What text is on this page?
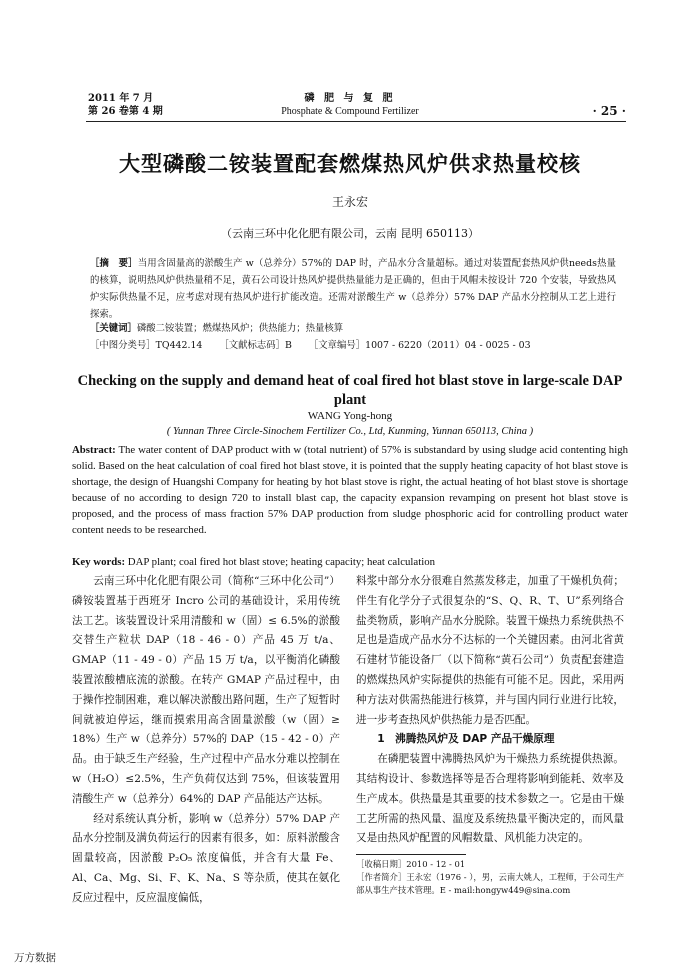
2011 年 7 月
第 26 卷第 4 期
磷 肥 与 复 肥
Phosphate & Compound Fertilizer	· 25 ·
大型磷酸二铵装置配套燃煤热风炉供求热量校核
王永宏
（云南三环中化化肥有限公司，云南 昆明 650113）
［摘　要］当用含固量高的淤酸生产 w（总养分）57%的 DAP 时，产品水分含量超标。通过对装置配套热风炉供needs热量的核算，说明热风炉供热量稍不足，黄石公司设计热风炉提供热量能力是正确的，但由于风帽未按设计 720 个安装，导致热风炉实际供热量不足，应考虑对现有热风炉进行扩能改造。还需对淤酸生产 w（总养分）57% DAP 产品水分控制从工艺上进行探索。
［关键词］磷酸二铵装置；燃煤热风炉；供热能力；热量核算
［中图分类号］TQ442.14 ［文献标志码］B ［文章编号］1007 - 6220（2011）04 - 0025 - 03
Checking on the supply and demand heat of coal fired hot blast stove in large-scale DAP plant
WANG Yong-hong
( Yunnan Three Circle-Sinochem Fertilizer Co., Ltd, Kunming, Yunnan 650113, China )
Abstract: The water content of DAP product with w (total nutrient) of 57% is substandard by using sludge acid contenting high solid. Based on the heat calculation of coal fired hot blast stove, it is pointed that the supply heating capacity of hot blast stove is shortage, the design of Huangshi Company for heating by hot blast stove is right, the actual heating of hot blast stove is shortage because of no according to design 720 to install blast cap, the capacity expansion revamping on present hot blast stove is proposed, and the process of mass fraction 57% DAP production from sludge phosphoric acid for controlling product water content needs to be researched.
Key words: DAP plant; coal fired hot blast stove; heating capacity; heat calculation

云南三环中化化肥有限公司（简称“三环中化公司”）磷铵装置基于西班牙 Incro 公司的基础设计，采用传统法工艺。该装置设计采用清酸和 w（固）≤ 6.5%的淤酸交替生产粒状 DAP（18 - 46 - 0）产品 45 万 t/a、GMAP（11 - 49 - 0）产品 15 万 t/a，以平衡消化磷酸装置浓酸槽底流的淤酸。在转产 GMAP 产品过程中，由于操作控制困难，难以解决淤酸出路问题，生产了短暂时间就被迫停运，继而摸索用高含固量淤酸（w（固）≥ 18%）生产 w（总养分）57%的 DAP（15 - 42 - 0）产品。由于缺乏生产经验，生产过程中产品水分难以控制在 w（H₂O）≤2.5%，生产负荷仅达到 75%，但该装置用清酸生产 w（总养分）64%的 DAP 产品能达产达标。

经对系统认真分析，影响 w（总养分）57% DAP 产品水分控制及满负荷运行的因素有很多，如：原料淤酸含固量较高，因淤酸 P₂O₅ 浓度偏低，并含有大量 Fe、Al、Ca、Mg、Si、F、K、Na、S 等杂质，使其在氨化反应过程中，反应温度偏低，

料浆中部分水分很难自然蒸发移走，加重了干燥机负荷；伴生有化学分子式很复杂的“S、Q、R、T、U”系列络合盐类物质，影响产品水分脱除。装置干燥热力系统供热不足也是造成产品水分不达标的一个关键因素。由河北省黄石建材节能设备厂（以下简称“黄石公司”）负责配套建造的燃煤热风炉实际提供的热能有可能不足。因此，采用两种方法对供需热能进行核算，并与国内同行业进行比较，进一步考查热风炉供热能力是否匹配。

1　沸腾热风炉及 DAP 产品干燥原理

在磷肥装置中沸腾热风炉为干燥热力系统提供热源。其结构设计、参数选择等是否合理将影响到能耗、效率及生产成本。供热量是其重要的技术参数之一。它是由干燥工艺所需的热风量、温度及系统热量平衡决定的，而风量又是由热风炉配置的风帽数量、风机能力决定的。

［收稿日期］2010 - 12 - 01

［作者简介］王永宏（1976 - ），男，云南大姚人，工程师，于公司生产部从事生产技术管理。E - mail:hongyw449@sina.com

万方数据
